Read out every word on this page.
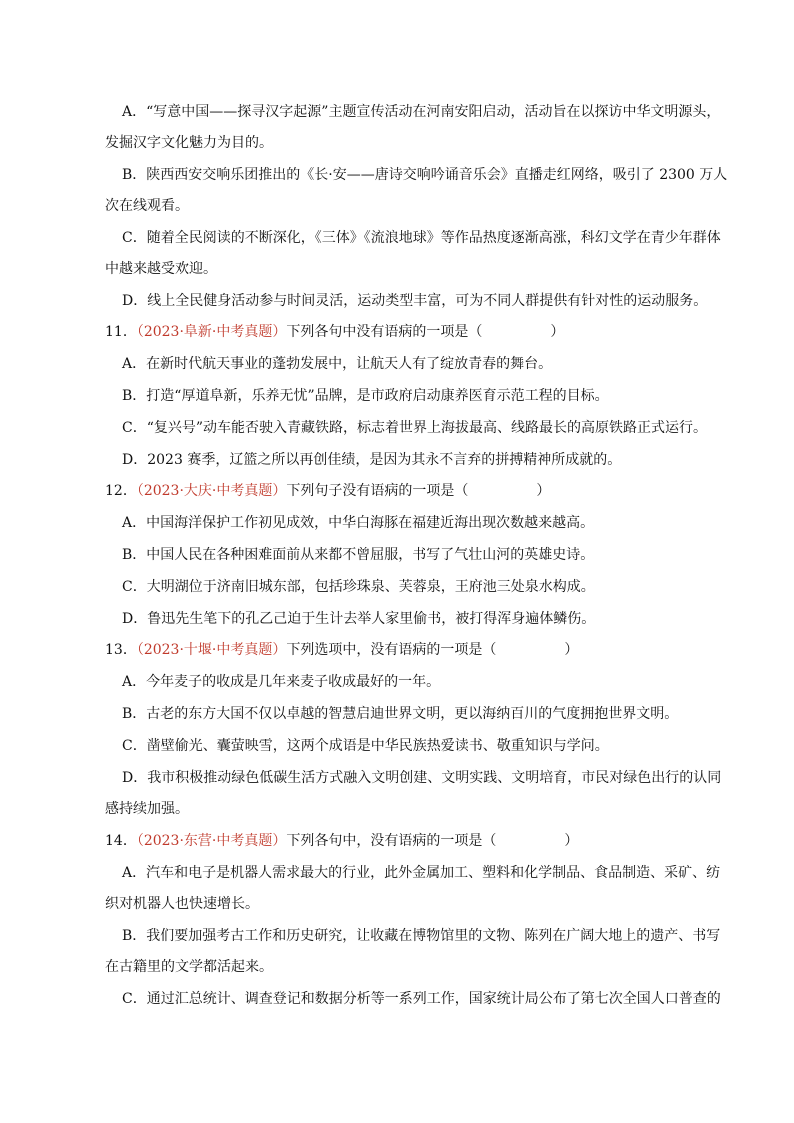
A．“写意中国——探寻汉字起源”主题宣传活动在河南安阳启动，活动旨在以探访中华文明源头，
发掘汉字文化魅力为目的。
B．陕西西安交响乐团推出的《长·安——唐诗交响吟诵音乐会》直播走红网络，吸引了 2300 万人
次在线观看。
C．随着全民阅读的不断深化，《三体》《流浪地球》等作品热度逐渐高涨，科幻文学在青少年群体
中越来越受欢迎。
D．线上全民健身活动参与时间灵活，运动类型丰富，可为不同人群提供有针对性的运动服务。
11．（2023·阜新·中考真题）下列各句中没有语病的一项是（	）
A．在新时代航天事业的蓬勃发展中，让航天人有了绽放青春的舞台。
B．打造“厚道阜新，乐养无忧”品牌，是市政府启动康养医育示范工程的目标。
C．“复兴号”动车能否驶入青藏铁路，标志着世界上海拔最高、线路最长的高原铁路正式运行。
D．2023 赛季，辽篮之所以再创佳绩，是因为其永不言弃的拼搏精神所成就的。
12．（2023·大庆·中考真题）下列句子没有语病的一项是（	）
A．中国海洋保护工作初见成效，中华白海豚在福建近海出现次数越来越高。
B．中国人民在各种困难面前从来都不曾屈服，书写了气壮山河的英雄史诗。
C．大明湖位于济南旧城东部，包括珍珠泉、芙蓉泉，王府池三处泉水构成。
D．鲁迅先生笔下的孔乙己迫于生计去举人家里偷书，被打得浑身遍体鳞伤。
13．（2023·十堰·中考真题）下列选项中，没有语病的一项是（	）
A．今年麦子的收成是几年来麦子收成最好的一年。
B．古老的东方大国不仅以卓越的智慧启迪世界文明，更以海纳百川的气度拥抱世界文明。
C．凿壁偷光、囊萤映雪，这两个成语是中华民族热爱读书、敬重知识与学问。
D．我市积极推动绿色低碳生活方式融入文明创建、文明实践、文明培育，市民对绿色出行的认同
感持续加强。
14．（2023·东营·中考真题）下列各句中，没有语病的一项是（	）
A．汽车和电子是机器人需求最大的行业，此外金属加工、塑料和化学制品、食品制造、采矿、纺
织对机器人也快速增长。
B．我们要加强考古工作和历史研究，让收藏在博物馆里的文物、陈列在广阔大地上的遗产、书写
在古籍里的文学都活起来。
C．通过汇总统计、调查登记和数据分析等一系列工作，国家统计局公布了第七次全国人口普查的
